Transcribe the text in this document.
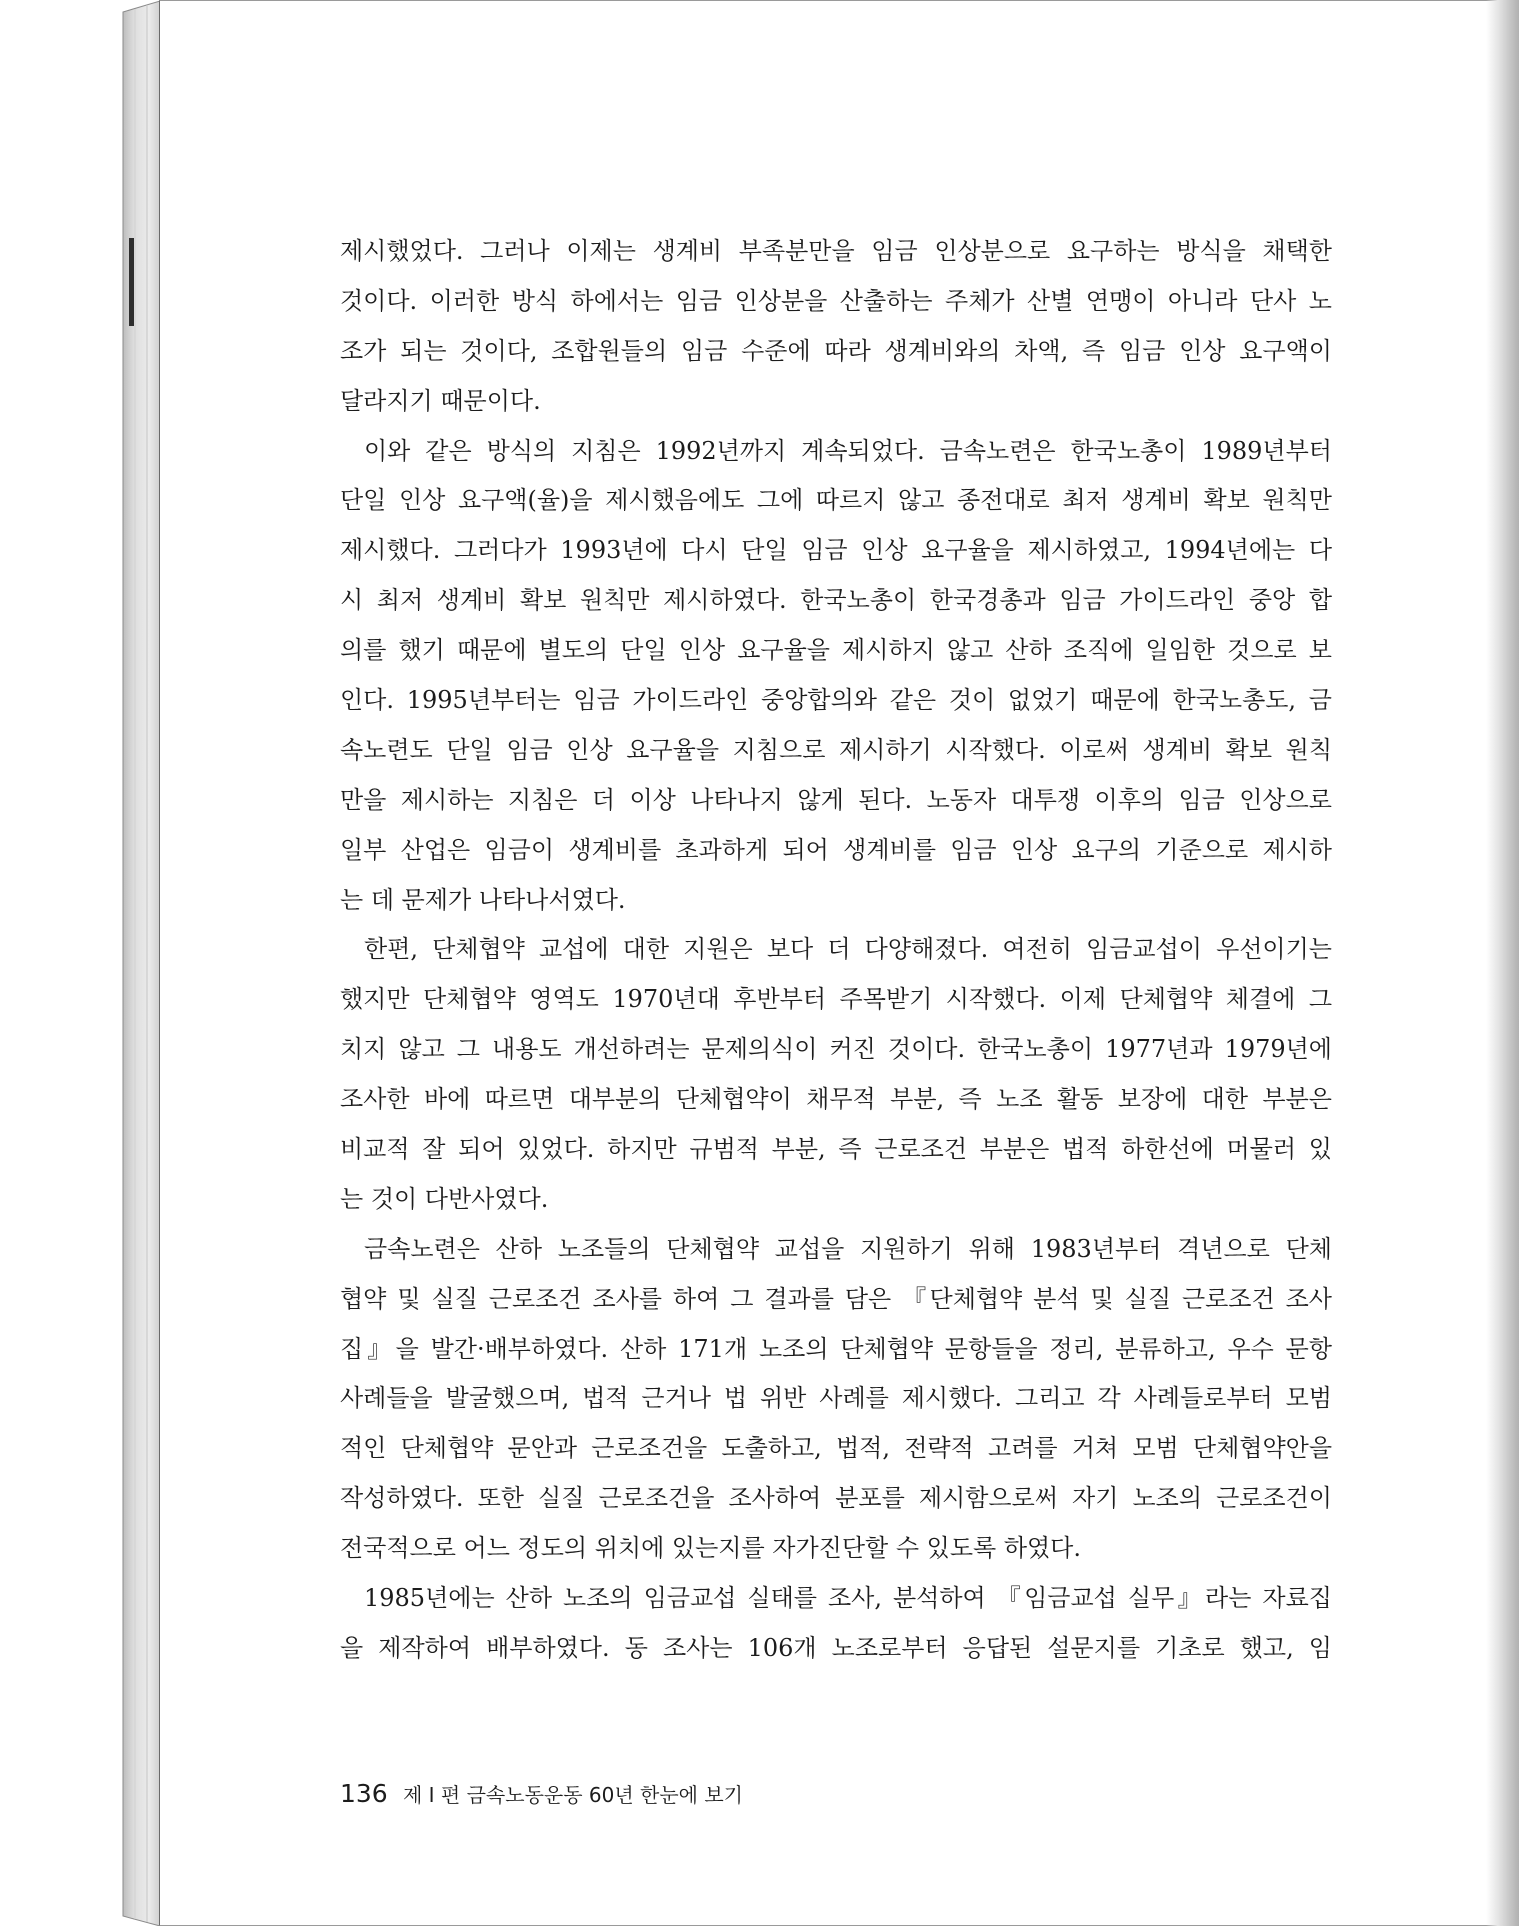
제시했었다. 그러나 이제는 생계비 부족분만을 임금 인상분으로 요구하는 방식을 채택한
것이다. 이러한 방식 하에서는 임금 인상분을 산출하는 주체가 산별 연맹이 아니라 단사 노
조가 되는 것이다, 조합원들의 임금 수준에 따라 생계비와의 차액, 즉 임금 인상 요구액이
달라지기 때문이다.
이와 같은 방식의 지침은 1992년까지 계속되었다. 금속노련은 한국노총이 1989년부터
단일 인상 요구액(율)을 제시했음에도 그에 따르지 않고 종전대로 최저 생계비 확보 원칙만
제시했다. 그러다가 1993년에 다시 단일 임금 인상 요구율을 제시하였고, 1994년에는 다
시 최저 생계비 확보 원칙만 제시하였다. 한국노총이 한국경총과 임금 가이드라인 중앙 합
의를 했기 때문에 별도의 단일 인상 요구율을 제시하지 않고 산하 조직에 일임한 것으로 보
인다. 1995년부터는 임금 가이드라인 중앙합의와 같은 것이 없었기 때문에 한국노총도, 금
속노련도 단일 임금 인상 요구율을 지침으로 제시하기 시작했다. 이로써 생계비 확보 원칙
만을 제시하는 지침은 더 이상 나타나지 않게 된다. 노동자 대투쟁 이후의 임금 인상으로
일부 산업은 임금이 생계비를 초과하게 되어 생계비를 임금 인상 요구의 기준으로 제시하
는 데 문제가 나타나서였다.
한편, 단체협약 교섭에 대한 지원은 보다 더 다양해졌다. 여전히 임금교섭이 우선이기는
했지만 단체협약 영역도 1970년대 후반부터 주목받기 시작했다. 이제 단체협약 체결에 그
치지 않고 그 내용도 개선하려는 문제의식이 커진 것이다. 한국노총이 1977년과 1979년에
조사한 바에 따르면 대부분의 단체협약이 채무적 부분, 즉 노조 활동 보장에 대한 부분은
비교적 잘 되어 있었다. 하지만 규범적 부분, 즉 근로조건 부분은 법적 하한선에 머물러 있
는 것이 다반사였다.
금속노련은 산하 노조들의 단체협약 교섭을 지원하기 위해 1983년부터 격년으로 단체
협약 및 실질 근로조건 조사를 하여 그 결과를 담은 『단체협약 분석 및 실질 근로조건 조사
집』을 발간·배부하였다. 산하 171개 노조의 단체협약 문항들을 정리, 분류하고, 우수 문항
사례들을 발굴했으며, 법적 근거나 법 위반 사례를 제시했다. 그리고 각 사례들로부터 모범
적인 단체협약 문안과 근로조건을 도출하고, 법적, 전략적 고려를 거쳐 모범 단체협약안을
작성하였다. 또한 실질 근로조건을 조사하여 분포를 제시함으로써 자기 노조의 근로조건이
전국적으로 어느 정도의 위치에 있는지를 자가진단할 수 있도록 하였다.
1985년에는 산하 노조의 임금교섭 실태를 조사, 분석하여 『임금교섭 실무』라는 자료집
을 제작하여 배부하였다. 동 조사는 106개 노조로부터 응답된 설문지를 기초로 했고, 임
136 제 Ⅰ 편 금속노동운동 60년 한눈에 보기
